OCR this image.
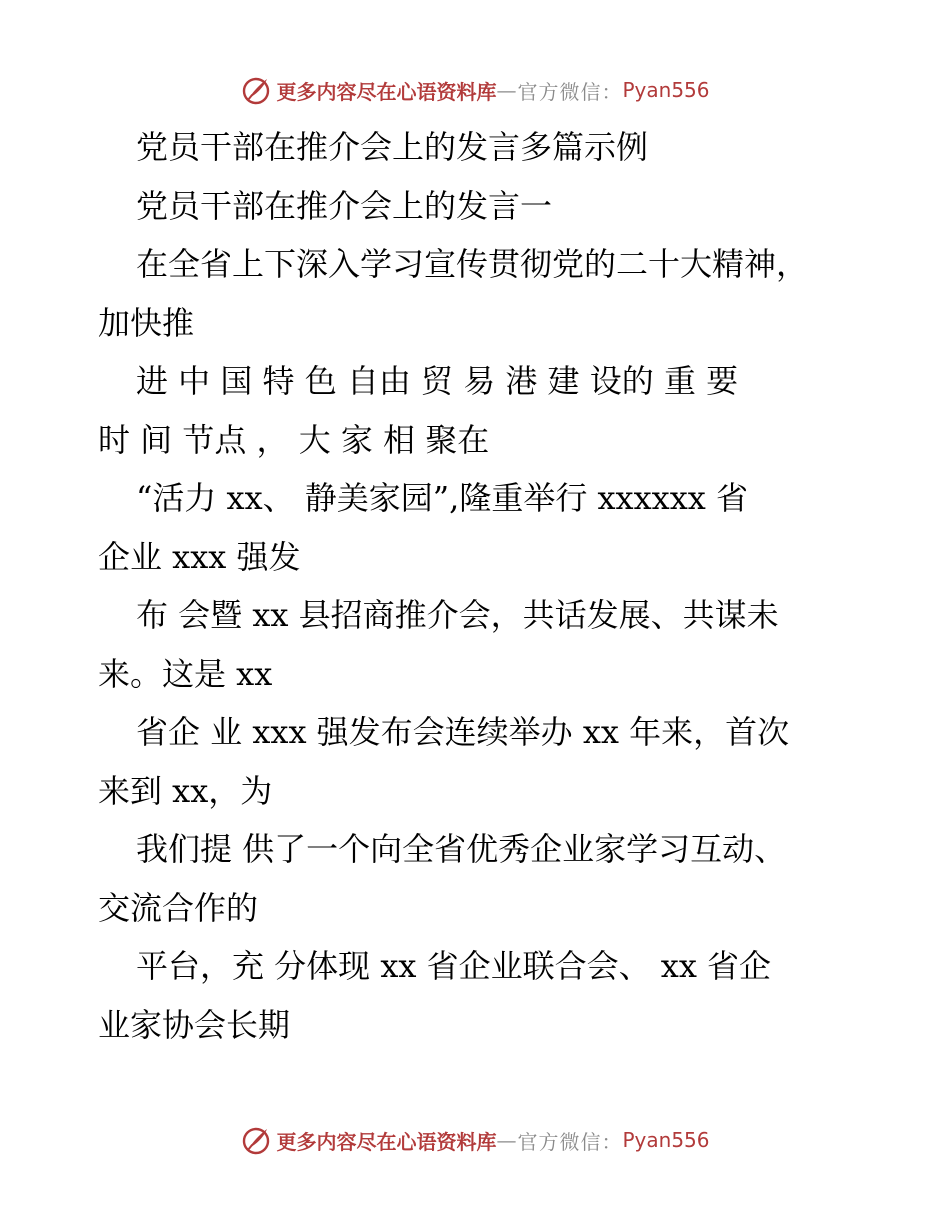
更多内容尽在心语资料库 — 官方微信： Pyan556
党员干部在推介会上的发言多篇示例
党员干部在推介会上的发言一
在全省上下深入学习宣传贯彻党的二十大精神，
加快推
进 中 国 特 色 自由 贸 易 港 建 设的 重 要
时 间 节点 ， 大 家 相 聚在
“活力 xx、 静美家园”,隆重举行 xxxxxx 省
企业 xxx 强发
布 会暨 xx 县招商推介会，共话发展、共谋未
来。这是 xx
省企 业 xxx 强发布会连续举办 xx 年来，首次
来到 xx，为
我们提 供了一个向全省优秀企业家学习互动、
交流合作的
平台，充 分体现 xx 省企业联合会、 xx 省企
业家协会长期
更多内容尽在心语资料库 — 官方微信： Pyan556
